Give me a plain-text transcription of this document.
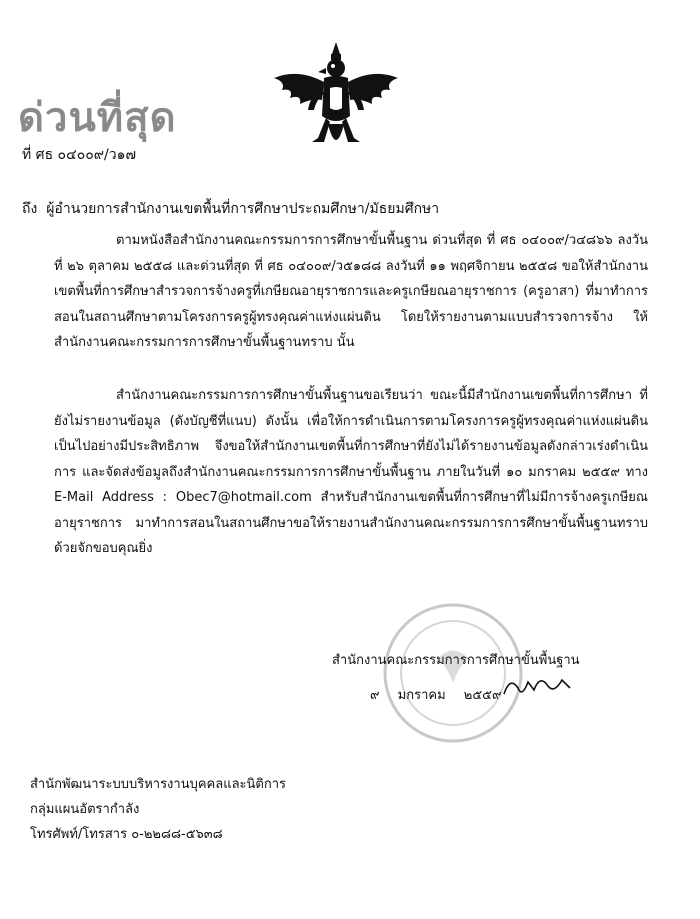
ด่วนที่สุด
ที่ ศธ ๐๔๐๐๙/ว๑๗
ถึง ผู้อำนวยการสำนักงานเขตพื้นที่การศึกษาประถมศึกษา/มัธยมศึกษา
ตามหนังสือสำนักงานคณะกรรมการการศึกษาขั้นพื้นฐาน ด่วนที่สุด ที่ ศธ ๐๔๐๐๙/ว๔๘๖๖ ลงวันที่ ๒๖ ตุลาคม ๒๕๕๘ และด่วนที่สุด ที่ ศธ ๐๔๐๐๙/ว๕๑๘๘ ลงวันที่ ๑๑ พฤศจิกายน ๒๕๕๘ ขอให้สำนักงานเขตพื้นที่การศึกษาสำรวจการจ้างครูที่เกษียณอายุราชการและครูเกษียณอายุราชการ (ครูอาสา) ที่มาทำการสอนในสถานศึกษาตามโครงการครูผู้ทรงคุณค่าแห่งแผ่นดิน โดยให้รายงานตามแบบสำรวจการจ้าง ให้สำนักงานคณะกรรมการการศึกษาขั้นพื้นฐานทราบ นั้น
สำนักงานคณะกรรมการการศึกษาขั้นพื้นฐานขอเรียนว่า ขณะนี้มีสำนักงานเขตพื้นที่การศึกษา ที่ยังไม่รายงานข้อมูล (ดังบัญชีที่แนบ) ดังนั้น เพื่อให้การดำเนินการตามโครงการครูผู้ทรงคุณค่าแห่งแผ่นดิน เป็นไปอย่างมีประสิทธิภาพ จึงขอให้สำนักงานเขตพื้นที่การศึกษาที่ยังไม่ได้รายงานข้อมูลดังกล่าวเร่งดำเนินการ และจัดส่งข้อมูลถึงสำนักงานคณะกรรมการการศึกษาขั้นพื้นฐาน ภายในวันที่ ๑๐ มกราคม ๒๕๕๙ ทาง E-Mail Address : Obec7@hotmail.com สำหรับสำนักงานเขตพื้นที่การศึกษาที่ไม่มีการจ้างครูเกษียณอายุราชการ มาทำการสอนในสถานศึกษาขอให้รายงานสำนักงานคณะกรรมการการศึกษาขั้นพื้นฐานทราบด้วยจักขอบคุณยิ่ง
สำนักงานคณะกรรมการการศึกษาขั้นพื้นฐาน
๙ มกราคม ๒๕๕๙
สำนักพัฒนาระบบบริหารงานบุคคลและนิติการ
กลุ่มแผนอัตรากำลัง
โทรศัพท์/โทรสาร ๐-๒๒๘๘-๕๖๓๘
